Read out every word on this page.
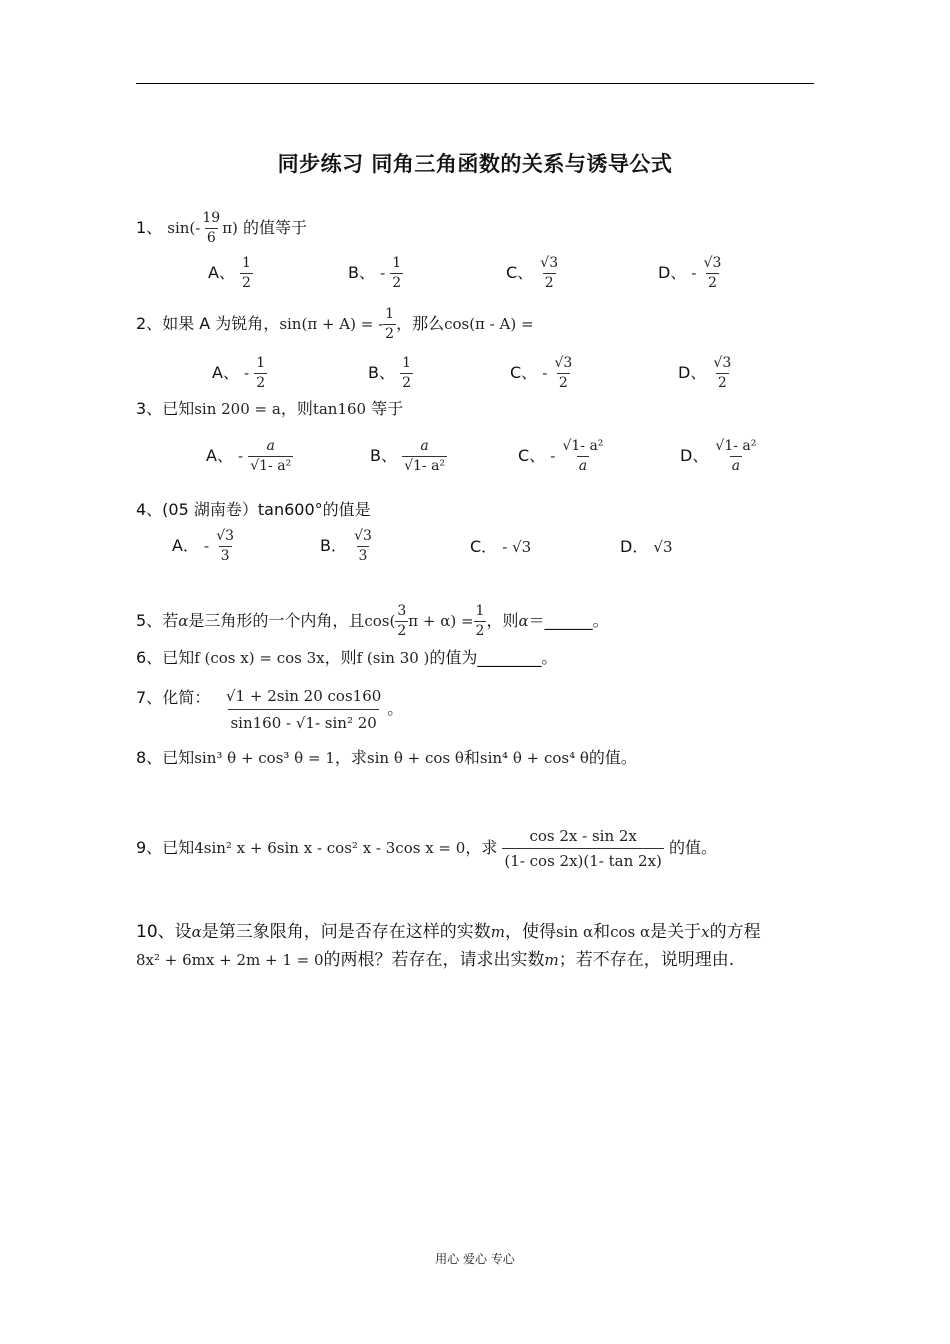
同步练习 同角三角函数的关系与诱导公式
1、 $\sin(- \frac{19}{6} \pi)$ 的值等于
A、 $\frac{1}{2}$	B、 - $\frac{1}{2}$	C、 $\frac{√3}{2}$	D、 - $\frac{√3}{2}$
2、如果 A 为锐角，sin(π + A) = - $\frac{1}{2}$ ，那么cos(π - A) =
A、 - $\frac{1}{2}$	B、 $\frac{1}{2}$	C、 - $\frac{√3}{2}$	D、 $\frac{√3}{2}$
3、已知sin 200 = a，则tan160 等于
A、 - $\frac{a}{\text{√1- a²}}$	B、 $\frac{a}{\text{√1- a²}}$	C、 - $\frac{\text{√1- a²}}{a}$	D、 $\frac{\text{√1- a²}}{a}$
4、(05 湖南卷）tan600°的值是
A． - $\frac{√3}{3}$	B． $\frac{√3}{3}$	C． - √3	D． √3
5、若α是三角形的一个内角，且$\cos( \frac{3}{2}$ $\pi + \alpha) = \frac{1}{2}$ ，则α＝______。
6、已知f (cos x) = cos 3x，则f (sin 30 )的值为________。
7、化简： $\frac{√1 + 2\sin 20 \cos 160}{\text{sin160 - √1- sin² 20}}$ 。
8、已知sin³ θ + cos³ θ = 1，求sin θ + cos θ和sin⁴ θ + cos⁴ θ的值。
9、已知4sin² x + 6sin x - cos² x - 3cos x = 0，求 $\frac{\cos 2x - \sin 2x}{(1- \cos 2x)(1- \tan 2x)}$ 的值。
10、设α是第三象限角，问是否存在这样的实数m，使得sin α和cos α是关于x的方程
8x² + 6mx + 2m + 1 = 0的两根？若存在，请求出实数m；若不存在，说明理由.
用心 爱心 专心
